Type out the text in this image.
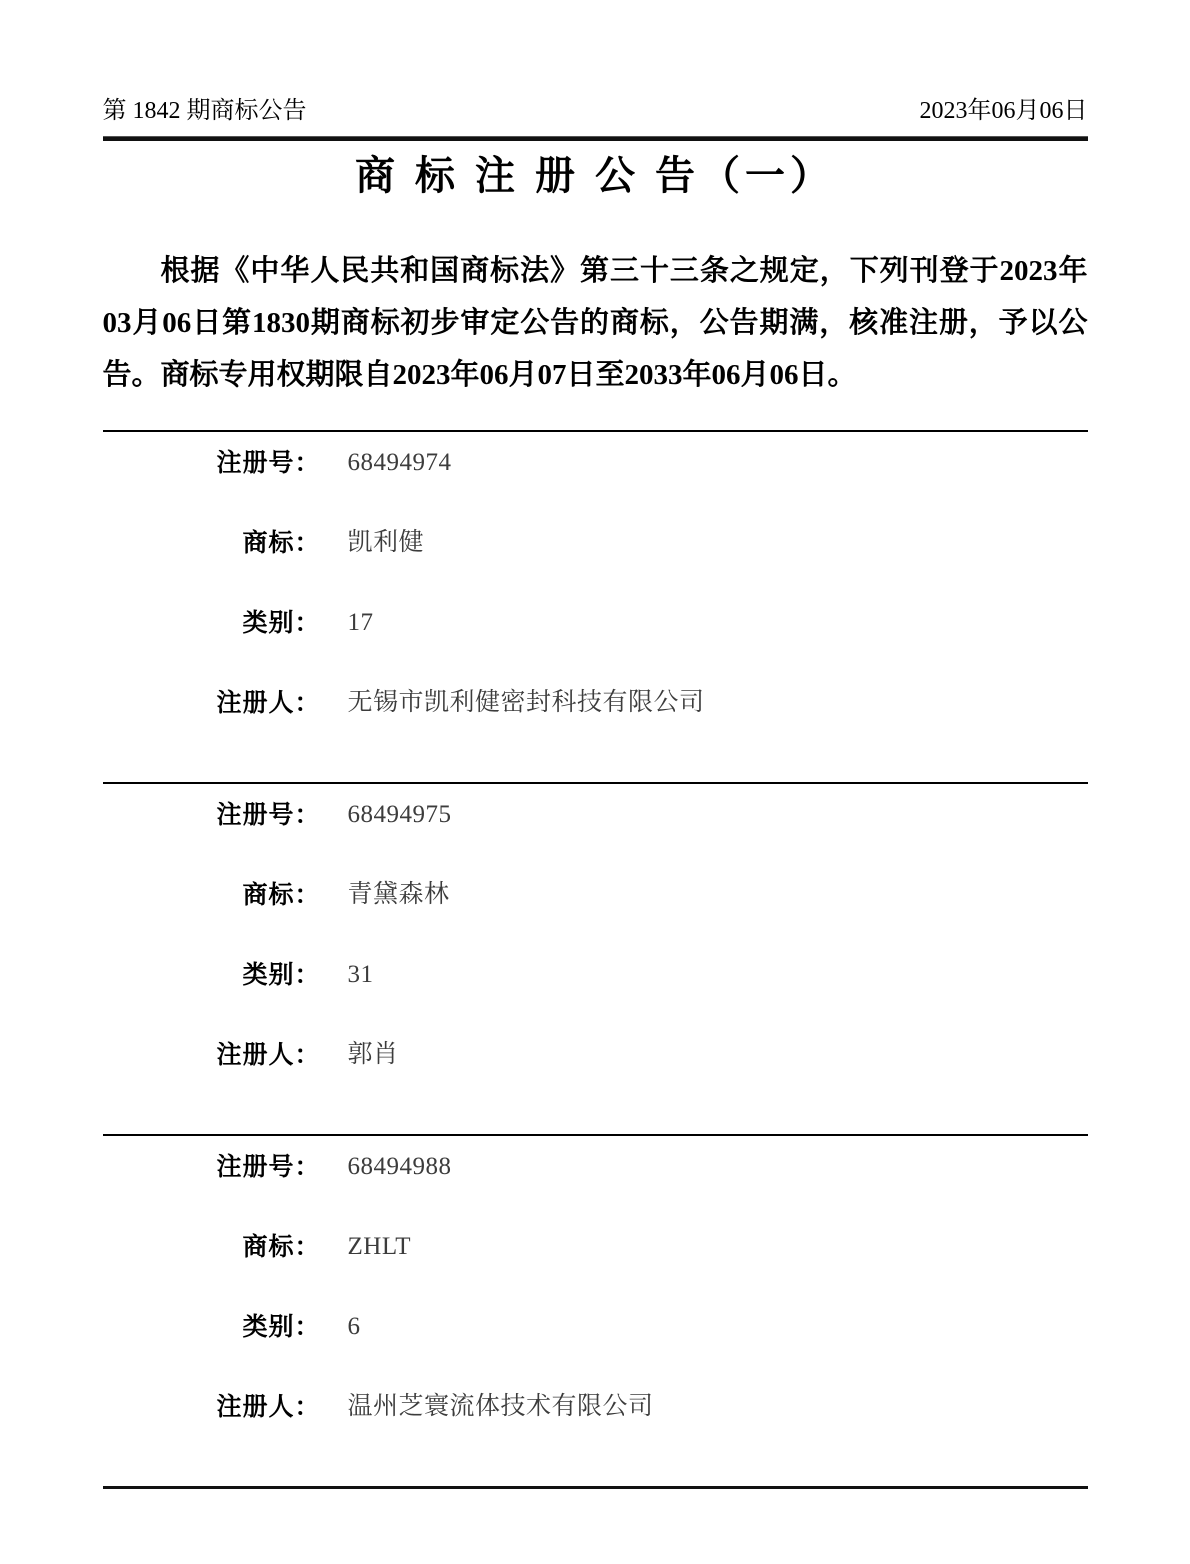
第 1842 期商标公告	2023年06月06日
商 标 注 册 公 告（一）

根据《中华人民共和国商标法》第三十三条之规定，下列刊登于2023年03月06日第1830期商标初步审定公告的商标，公告期满，核准注册，予以公告。商标专用权期限自2023年06月07日至2033年06月06日。

注册号： 68494974
商标： 凯利健
类别： 17
注册人： 无锡市凯利健密封科技有限公司
注册号： 68494975
商标： 青黛森林
类别： 31
注册人： 郭肖
注册号： 68494988
商标： ZHLT
类别： 6
注册人： 温州芝寰流体技术有限公司
